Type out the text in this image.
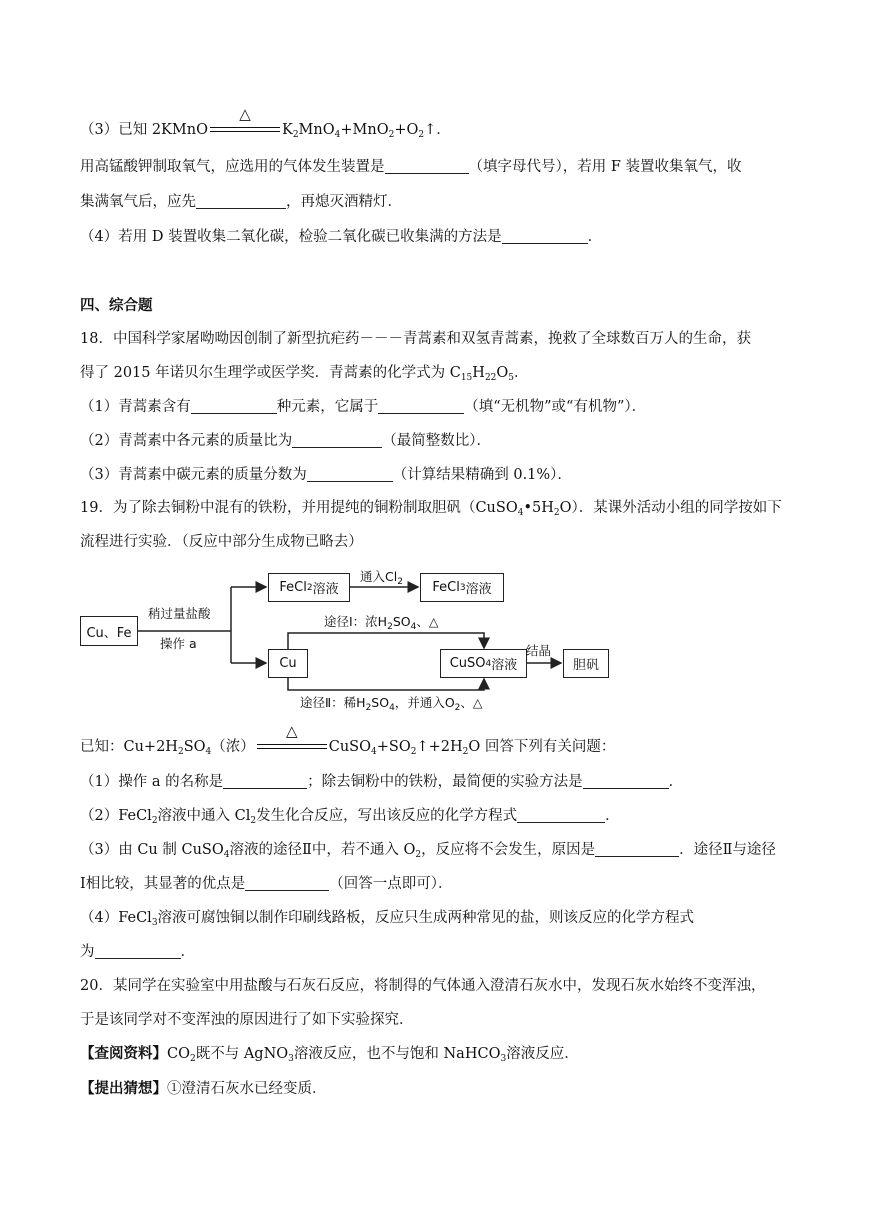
（3）已知 2KMnO
△
$K_2MnO_4+MnO_2+O_2↑$．
用高锰酸钾制取氧气，应选用的气体发生装置是	（填字母代号），若用 F 装置收集氧气，收
集满氧气后，应先	，再熄灭酒精灯．
（4）若用 D 装置收集二氧化碳，检验二氧化碳已收集满的方法是	．
四、综合题
18．中国科学家屠呦呦因创制了新型抗疟药－－－青蒿素和双氢青蒿素，挽救了全球数百万人的生命，获
得了 2015 年诺贝尔生理学或医学奖．青蒿素的化学式为 $C_{15}H_{22}O_5$．
（1）青蒿素含有	种元素，它属于	（填“无机物”或“有机物”）．
（2）青蒿素中各元素的质量比为	（最简整数比）．
（3）青蒿素中碳元素的质量分数为	（计算结果精确到 0.1%）．
19．为了除去铜粉中混有的铁粉，并用提纯的铜粉制取胆矾$(CuSO_4•5H_2O)$．某课外活动小组的同学按如下
流程进行实验．（反应中部分生成物已略去）
Cu、Fe
稍过量盐酸
操作 a
FeCl 2 溶液
通入$Cl_2$ FeCl 3 溶液
Cu
途径Ⅰ：浓$H_2SO_4$、△
CuSO 4 溶液
结晶
胆矾
途径Ⅱ：稀$H_2SO_4$，并通入$O_2$、△
已知：$Cu+2H_2SO_4$（浓）
△
$CuSO_4+SO_2↑+2H_2O$ 回答下列有关问题：
（1）操作 a 的名称是	；除去铜粉中的铁粉，最简便的实验方法是	．
（2）FeCl$_2$溶液中通入 $Cl_2$发生化合反应，写出该反应的化学方程式	．
（3）由 Cu 制 CuSO$_4$溶液的途径Ⅱ中，若不通入 $O_2$，反应将不会发生，原因是	．途径Ⅱ与途径
Ⅰ相比较，其显著的优点是	（回答一点即可）．
（4）FeCl$_3$溶液可腐蚀铜以制作印刷线路板，反应只生成两种常见的盐，则该反应的化学方程式
为	．
20．某同学在实验室中用盐酸与石灰石反应，将制得的气体通入澄清石灰水中，发现石灰水始终不变浑浊，
于是该同学对不变浑浊的原因进行了如下实验探究．
【查阅资料】$CO_2$既不与 AgNO$_3$溶液反应，也不与饱和 NaHCO$_3$溶液反应．
【提出猜想】①澄清石灰水已经变质．
